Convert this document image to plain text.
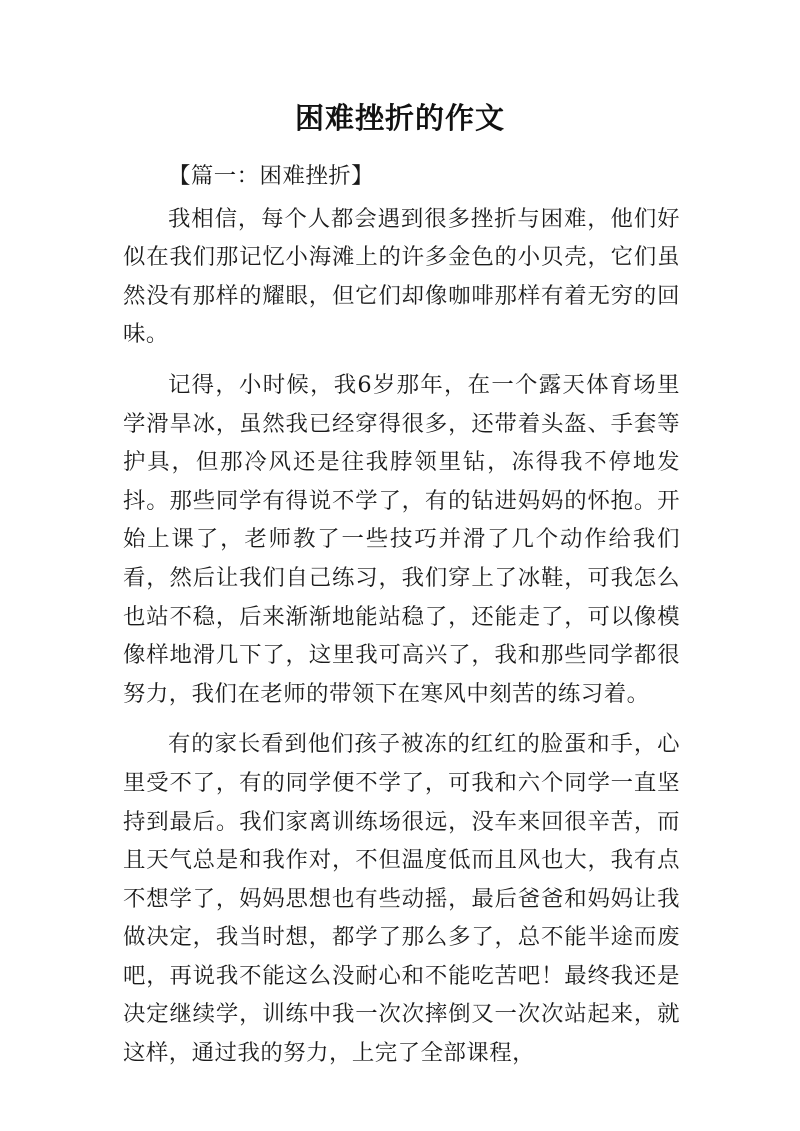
困难挫折的作文
【篇一：困难挫折】

我相信，每个人都会遇到很多挫折与困难，他们好似在我们那记忆小海滩上的许多金色的小贝壳，它们虽然没有那样的耀眼，但它们却像咖啡那样有着无穷的回味。

记得，小时候，我6岁那年，在一个露天体育场里学滑旱冰，虽然我已经穿得很多，还带着头盔、手套等护具，但那冷风还是往我脖领里钻，冻得我不停地发抖。那些同学有得说不学了，有的钻进妈妈的怀抱。开始上课了，老师教了一些技巧并滑了几个动作给我们看，然后让我们自己练习，我们穿上了冰鞋，可我怎么也站不稳，后来渐渐地能站稳了，还能走了，可以像模像样地滑几下了，这里我可高兴了，我和那些同学都很努力，我们在老师的带领下在寒风中刻苦的练习着。

有的家长看到他们孩子被冻的红红的脸蛋和手，心里受不了，有的同学便不学了，可我和六个同学一直坚持到最后。我们家离训练场很远，没车来回很辛苦，而且天气总是和我作对，不但温度低而且风也大，我有点不想学了，妈妈思想也有些动摇，最后爸爸和妈妈让我做决定，我当时想，都学了那么多了，总不能半途而废吧，再说我不能这么没耐心和不能吃苦吧！最终我还是决定继续学，训练中我一次次摔倒又一次次站起来，就这样，通过我的努力，上完了全部课程，
